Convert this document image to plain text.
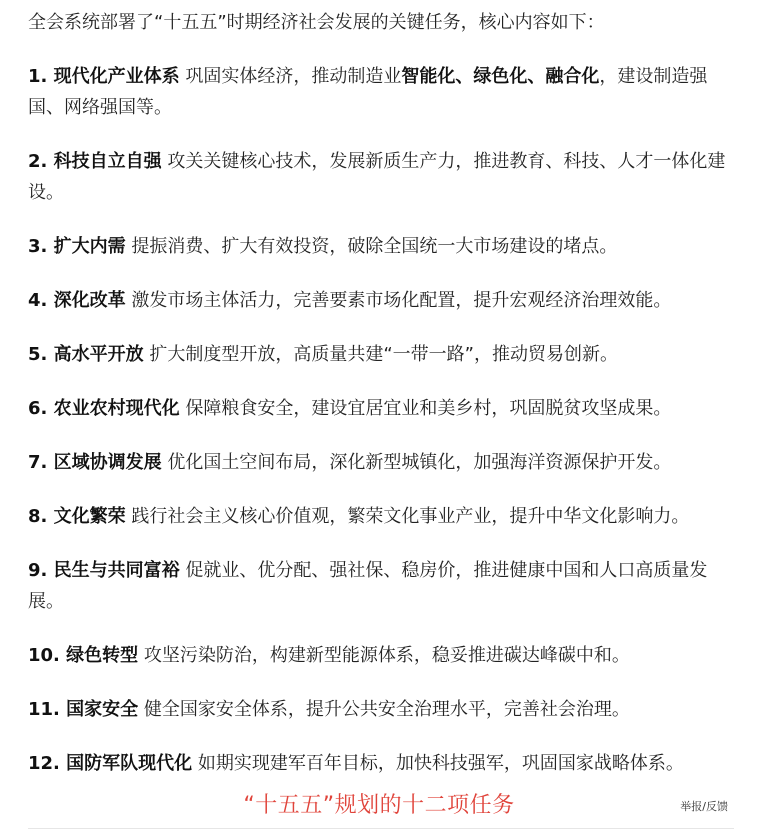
全会系统部署了“十五五”时期经济社会发展的关键任务，核心内容如下：

1. 现代化产业体系 巩固实体经济，推动制造业智能化、绿色化、融合化，建设制造强国、网络强国等。

2. 科技自立自强 攻关关键核心技术，发展新质生产力，推进教育、科技、人才一体化建设。

3. 扩大内需 提振消费、扩大有效投资，破除全国统一大市场建设的堵点。

4. 深化改革 激发市场主体活力，完善要素市场化配置，提升宏观经济治理效能。

5. 高水平开放 扩大制度型开放，高质量共建“一带一路”，推动贸易创新。

6. 农业农村现代化 保障粮食安全，建设宜居宜业和美乡村，巩固脱贫攻坚成果。

7. 区域协调发展 优化国土空间布局，深化新型城镇化，加强海洋资源保护开发。

8. 文化繁荣 践行社会主义核心价值观，繁荣文化事业产业，提升中华文化影响力。

9. 民生与共同富裕 促就业、优分配、强社保、稳房价，推进健康中国和人口高质量发展。

10. 绿色转型 攻坚污染防治，构建新型能源体系，稳妥推进碳达峰碳中和。

11. 国家安全 健全国家安全体系，提升公共安全治理水平，完善社会治理。

12. 国防军队现代化 如期实现建军百年目标，加快科技强军，巩固国家战略体系。

“十五五”规划的十二项任务	举报/反馈
